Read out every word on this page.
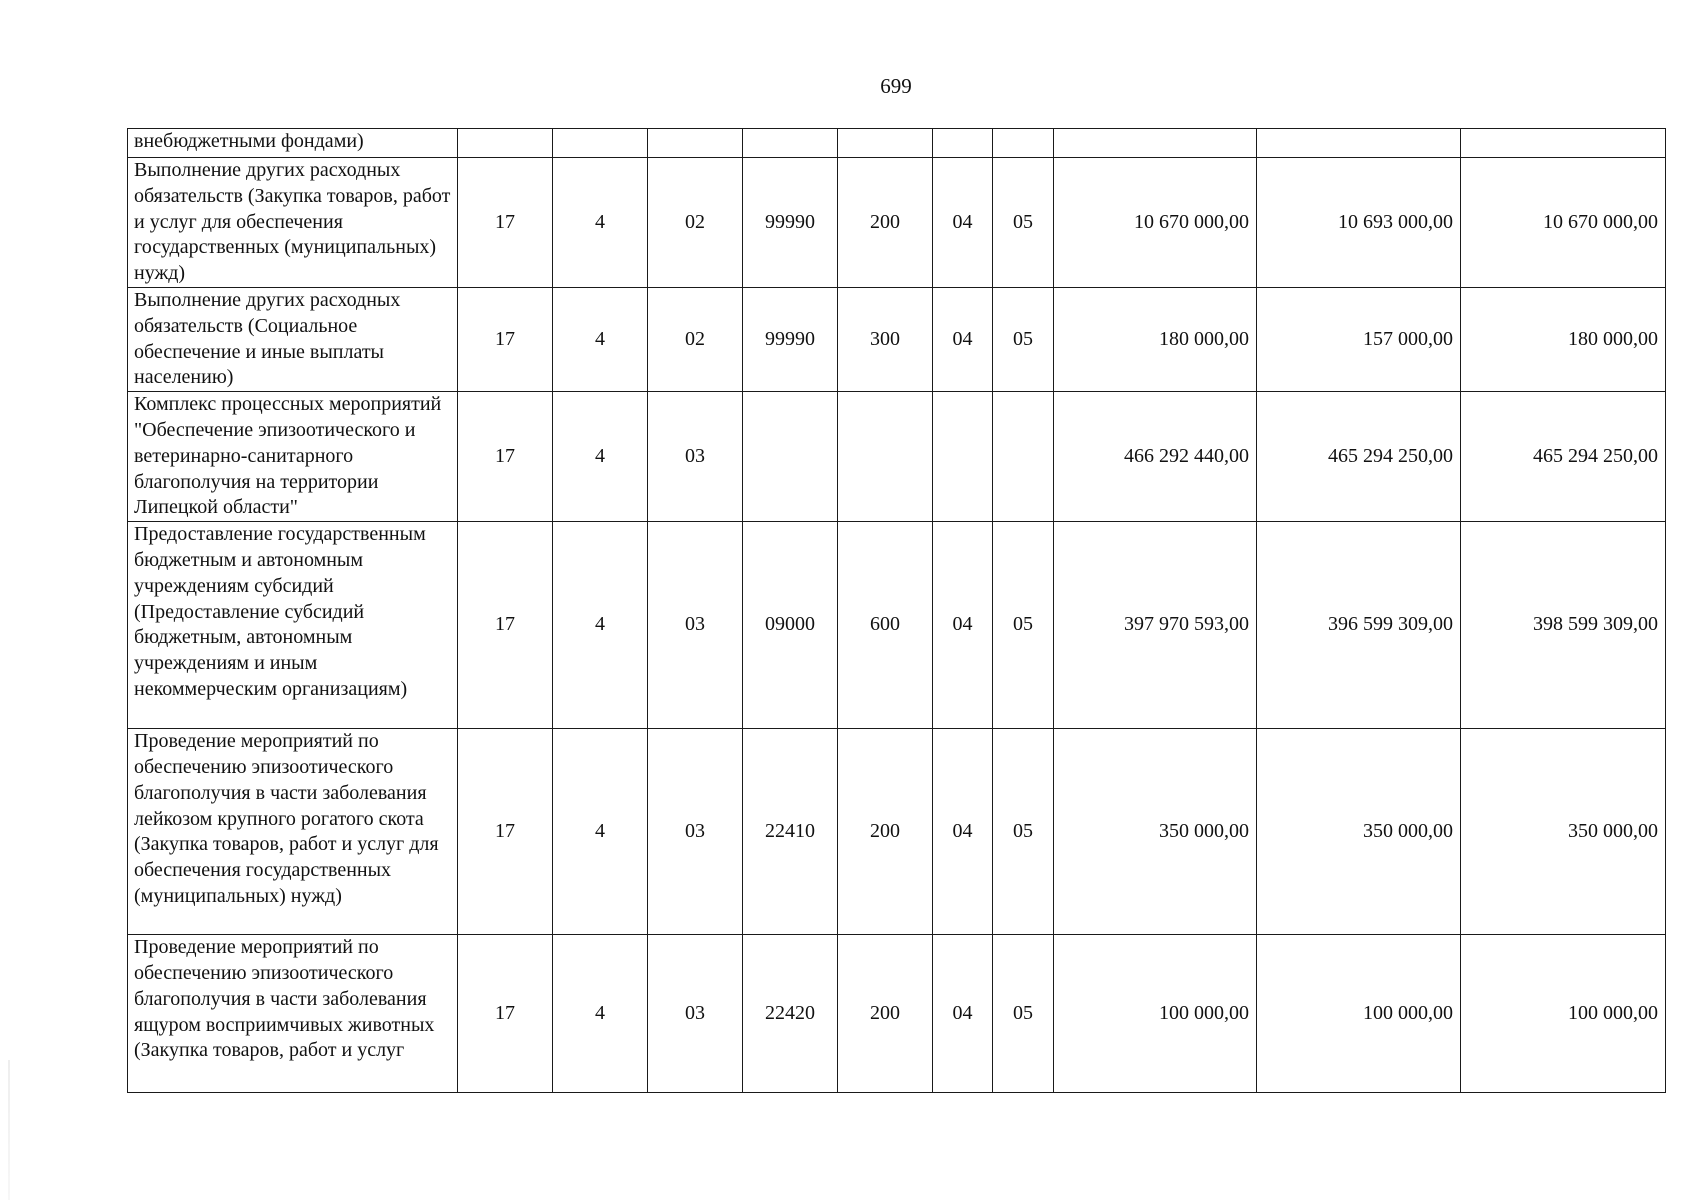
699
внебюджетными фондами)										
Выполнение других расходных обязательств (Закупка товаров, работ и услуг для обеспечения государственных (муниципальных) нужд)	17	4	02	99990	200	04	05	10 670 000,00	10 693 000,00	10 670 000,00
Выполнение других расходных обязательств (Социальное обеспечение и иные выплаты населению)	17	4	02	99990	300	04	05	180 000,00	157 000,00	180 000,00
Комплекс процессных мероприятий "Обеспечение эпизоотического и ветеринарно-санитарного благополучия на территории Липецкой области"	17	4	03					466 292 440,00	465 294 250,00	465 294 250,00
Предоставление государственным бюджетным и автономным учреждениям субсидий (Предоставление субсидий бюджетным, автономным учреждениям и иным некоммерческим организациям)	17	4	03	09000	600	04	05	397 970 593,00	396 599 309,00	398 599 309,00
Проведение мероприятий по обеспечению эпизоотического благополучия в части заболевания лейкозом крупного рогатого скота (Закупка товаров, работ и услуг для обеспечения государственных (муниципальных) нужд)	17	4	03	22410	200	04	05	350 000,00	350 000,00	350 000,00
Проведение мероприятий по обеспечению эпизоотического благополучия в части заболевания ящуром восприимчивых животных (Закупка товаров, работ и услуг	17	4	03	22420	200	04	05	100 000,00	100 000,00	100 000,00
